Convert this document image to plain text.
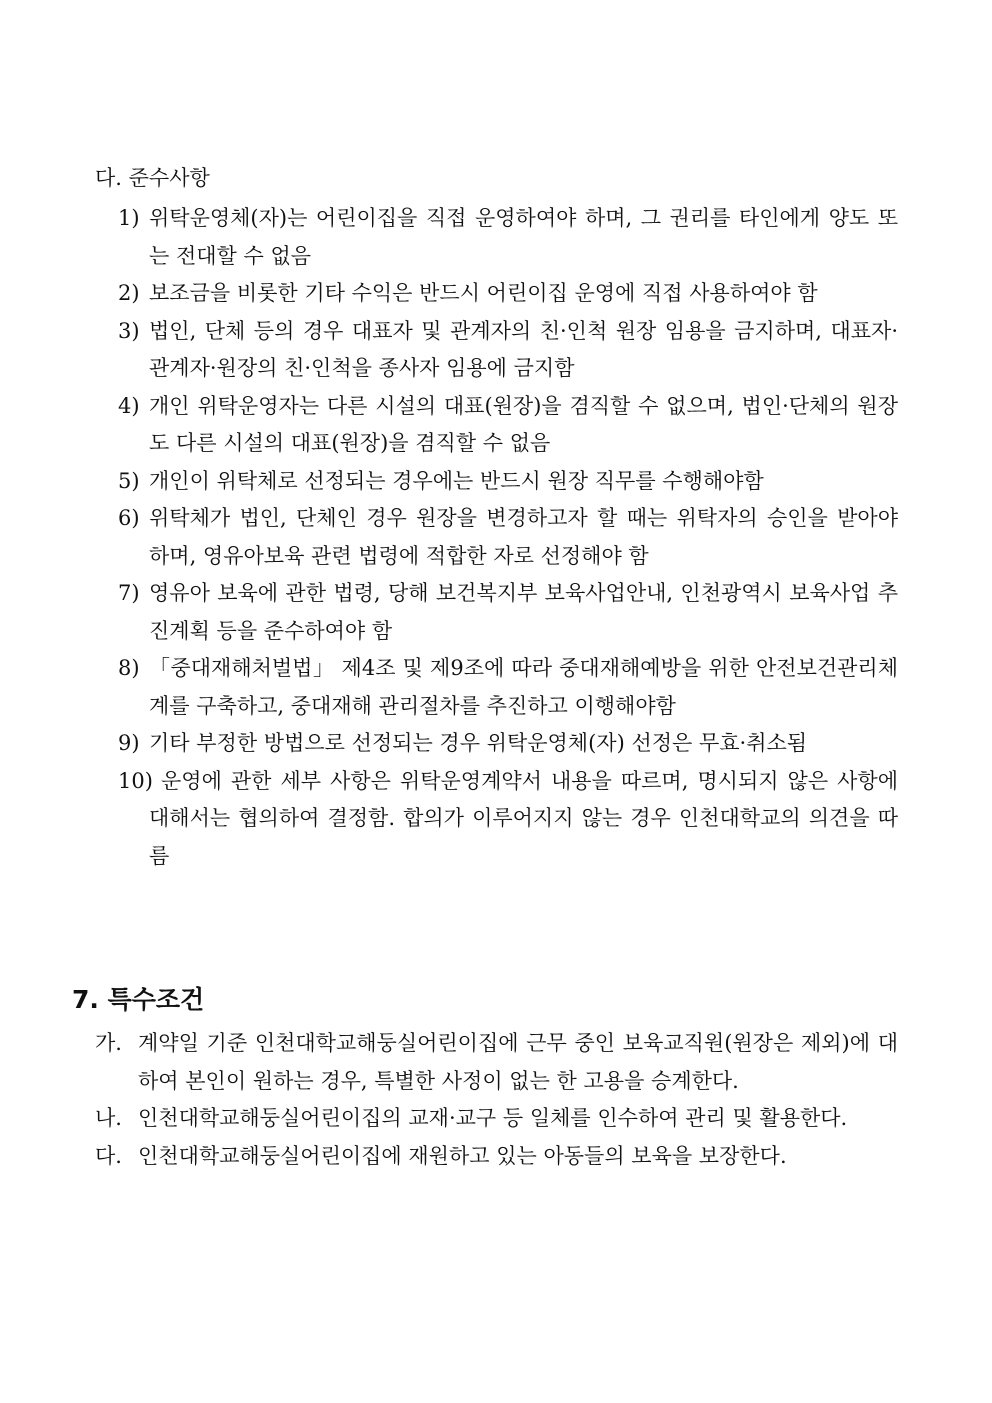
다. 준수사항
1) 위탁운영체(자)는 어린이집을 직접 운영하여야 하며, 그 권리를 타인에게 양도 또는 전대할 수 없음
2) 보조금을 비롯한 기타 수익은 반드시 어린이집 운영에 직접 사용하여야 함
3) 법인, 단체 등의 경우 대표자 및 관계자의 친·인척 원장 임용을 금지하며, 대표자·관계자·원장의 친·인척을 종사자 임용에 금지함
4) 개인 위탁운영자는 다른 시설의 대표(원장)을 겸직할 수 없으며, 법인·단체의 원장도 다른 시설의 대표(원장)을 겸직할 수 없음
5) 개인이 위탁체로 선정되는 경우에는 반드시 원장 직무를 수행해야함
6) 위탁체가 법인, 단체인 경우 원장을 변경하고자 할 때는 위탁자의 승인을 받아야 하며, 영유아보육 관련 법령에 적합한 자로 선정해야 함
7) 영유아 보육에 관한 법령, 당해 보건복지부 보육사업안내, 인천광역시 보육사업 추진계획 등을 준수하여야 함
8) 「중대재해처벌법」 제4조 및 제9조에 따라 중대재해예방을 위한 안전보건관리체계를 구축하고, 중대재해 관리절차를 추진하고 이행해야함
9) 기타 부정한 방법으로 선정되는 경우 위탁운영체(자) 선정은 무효·취소됨
10) 운영에 관한 세부 사항은 위탁운영계약서 내용을 따르며, 명시되지 않은 사항에 대해서는 협의하여 결정함. 합의가 이루어지지 않는 경우 인천대학교의 의견을 따름
7. 특수조건
가. 계약일 기준 인천대학교해둥실어린이집에 근무 중인 보육교직원(원장은 제외)에 대하여 본인이 원하는 경우, 특별한 사정이 없는 한 고용을 승계한다.
나. 인천대학교해둥실어린이집의 교재·교구 등 일체를 인수하여 관리 및 활용한다.
다. 인천대학교해둥실어린이집에 재원하고 있는 아동들의 보육을 보장한다.
